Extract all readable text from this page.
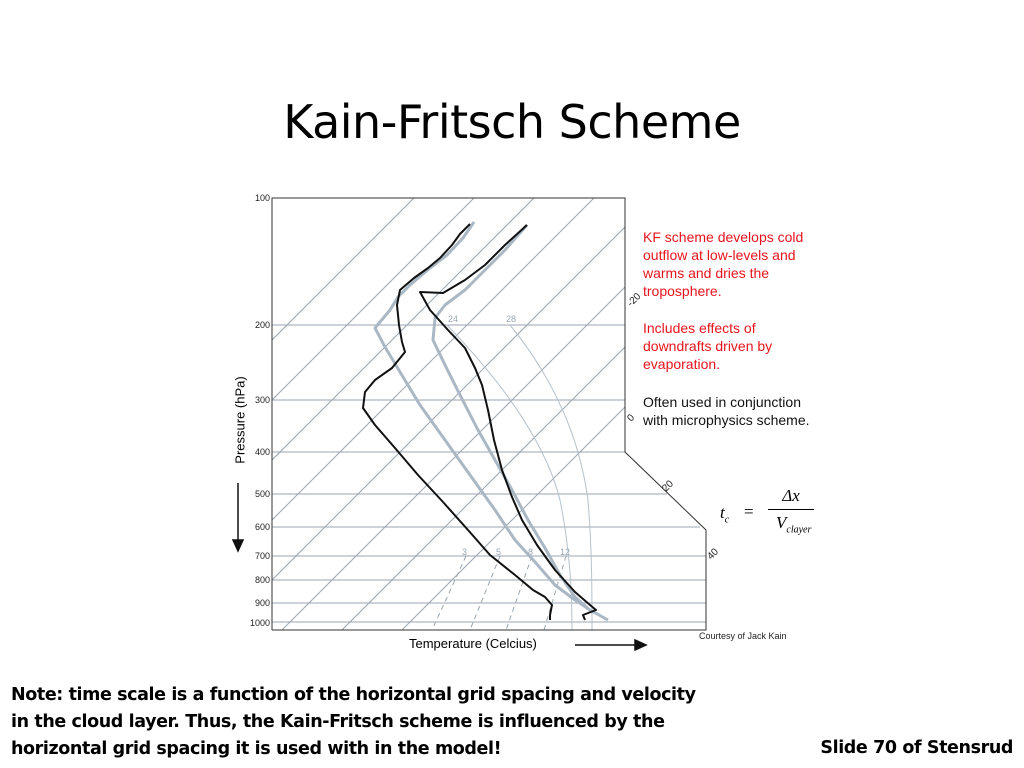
Kain-Fritsch Scheme
100
200
300
400
500
600
700
800
900
1000
-20
0
20
40
3	5	8	12
24	28
Pressure (hPa)
Temperature (Celcius)
KF scheme develops cold outflow at low-levels and warms and dries the troposphere.
Includes effects of downdrafts driven by evaporation.
Often used in conjunction with microphysics scheme.
$t_c$ =
Δx
$V_{clayer}$
Courtesy of Jack Kain
Note: time scale is a function of the horizontal grid spacing and velocity in the cloud layer. Thus, the Kain-Fritsch scheme is influenced by the horizontal grid spacing it is used with in the model!	Slide 70 of Stensrud
